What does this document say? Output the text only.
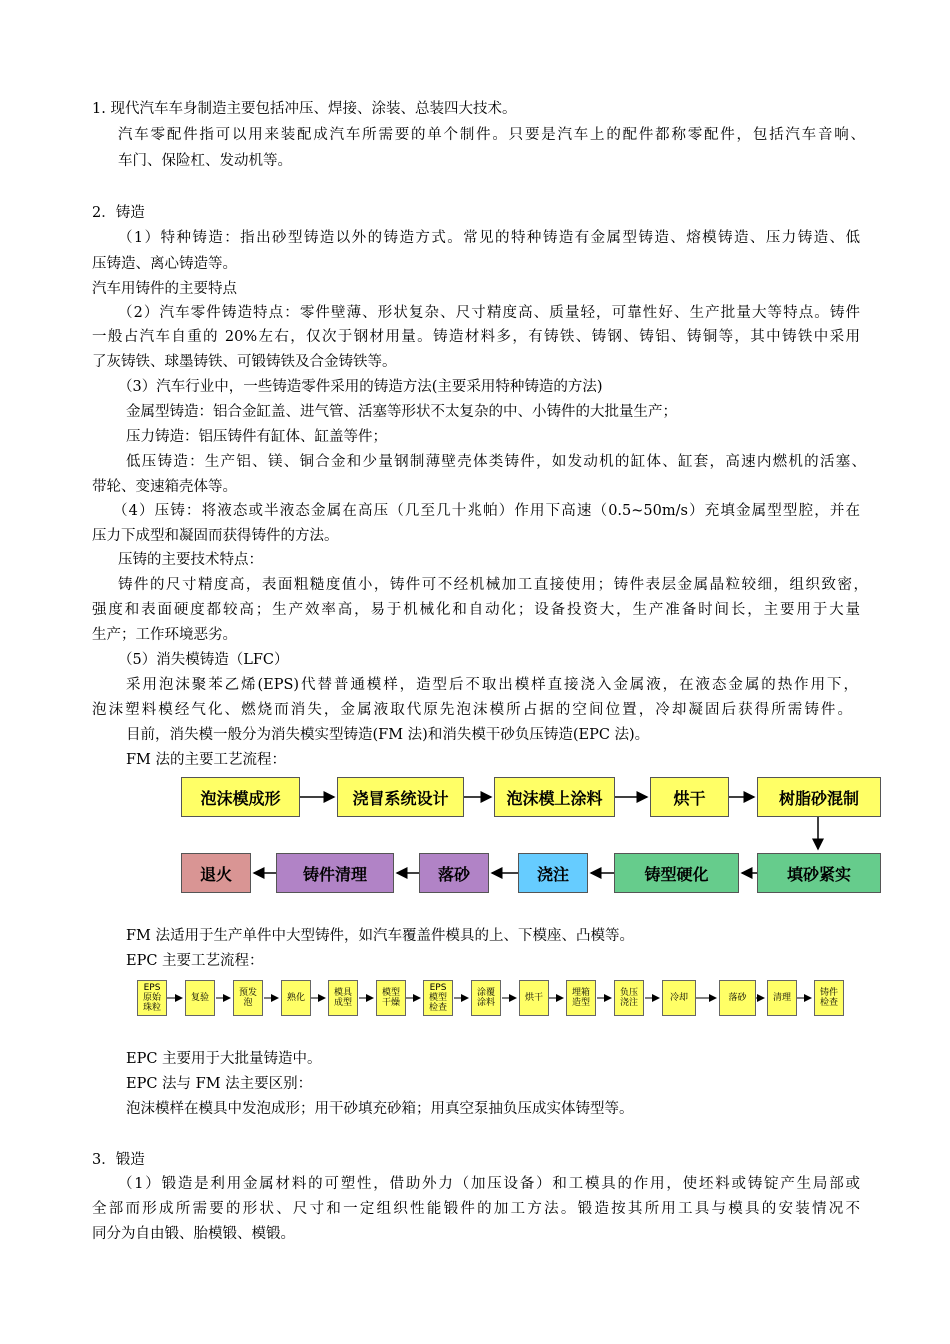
1. 现代汽车车身制造主要包括冲压、焊接、涂装、总装四大技术。
汽车零配件指可以用来装配成汽车所需要的单个制件。只要是汽车上的配件都称零配件，包括汽车音响、
车门、保险杠、发动机等。
2．铸造
（1）特种铸造：指出砂型铸造以外的铸造方式。常见的特种铸造有金属型铸造、熔模铸造、压力铸造、低
压铸造、离心铸造等。
汽车用铸件的主要特点
（2）汽车零件铸造特点：零件壁薄、形状复杂、尺寸精度高、质量轻，可靠性好、生产批量大等特点。铸件
一般占汽车自重的 20%左右，仅次于钢材用量。铸造材料多，有铸铁、铸钢、铸铝、铸铜等，其中铸铁中采用
了灰铸铁、球墨铸铁、可锻铸铁及合金铸铁等。
（3）汽车行业中，一些铸造零件采用的铸造方法(主要采用特种铸造的方法)
金属型铸造：铝合金缸盖、进气管、活塞等形状不太复杂的中、小铸件的大批量生产；
压力铸造：铝压铸件有缸体、缸盖等件；
低压铸造：生产铝、镁、铜合金和少量钢制薄壁壳体类铸件，如发动机的缸体、缸套，高速内燃机的活塞、
带轮、变速箱壳体等。
（4）压铸：将液态或半液态金属在高压（几至几十兆帕）作用下高速（0.5~50m/s）充填金属型型腔，并在
压力下成型和凝固而获得铸件的方法。
压铸的主要技术特点：
铸件的尺寸精度高，表面粗糙度值小，铸件可不经机械加工直接使用；铸件表层金属晶粒较细，组织致密，
强度和表面硬度都较高；生产效率高，易于机械化和自动化；设备投资大，生产准备时间长，主要用于大量
生产；工作环境恶劣。
（5）消失模铸造（LFC）
采用泡沫聚苯乙烯(EPS)代替普通模样，造型后不取出模样直接浇入金属液，在液态金属的热作用下，
泡沫塑料模经气化、燃烧而消失，金属液取代原先泡沫模所占据的空间位置，冷却凝固后获得所需铸件。
目前，消失模一般分为消失模实型铸造(FM 法)和消失模干砂负压铸造(EPC 法)。
FM 法的主要工艺流程：
泡沫模成形	浇冒系统设计	泡沫模上涂料	烘干	树脂砂混制
退火	铸件清理	落砂	浇注	铸型硬化	填砂紧实
FM 法适用于生产单件中大型铸件，如汽车覆盖件模具的上、下模座、凸模等。
EPC 主要工艺流程：
EPS
原始
珠粒
复验	预发
泡	熟化	模具
成型
模型
干燥
EPS
模型
检查
涂覆
涂料	烘干	埋箱
造型
负压
浇注	冷却	落砂	清理	铸件
检查
EPC 主要用于大批量铸造中。
EPC 法与 FM 法主要区别：
泡沫模样在模具中发泡成形；用干砂填充砂箱；用真空泵抽负压成实体铸型等。
3．锻造
（1）锻造是利用金属材料的可塑性，借助外力（加压设备）和工模具的作用，使坯料或铸锭产生局部或
全部而形成所需要的形状、尺寸和一定组织性能锻件的加工方法。锻造按其所用工具与模具的安装情况不
同分为自由锻、胎模锻、模锻。
